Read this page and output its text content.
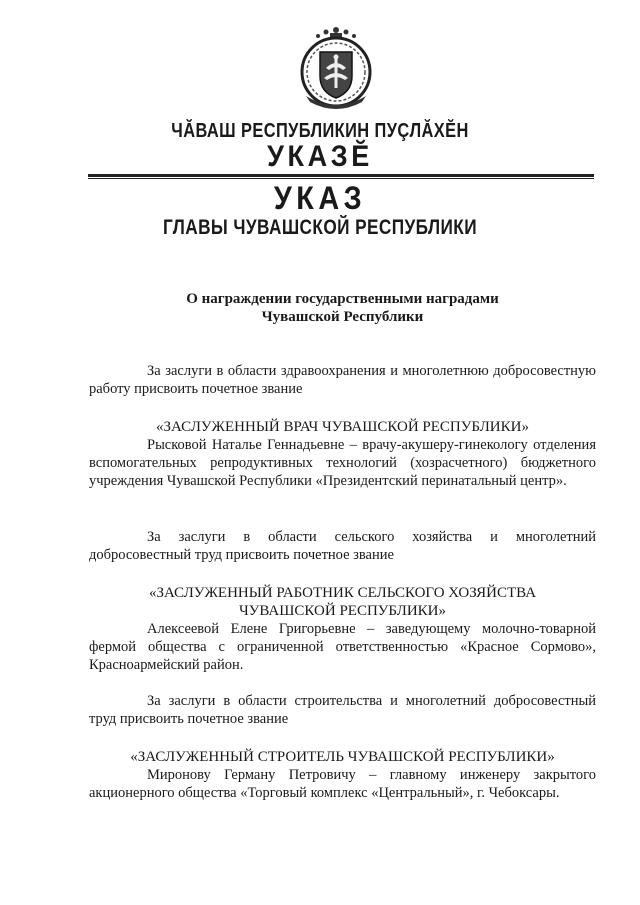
ЧĂВАШ РЕСПУБЛИКИН ПУÇЛĂХĔН
УКАЗĔ
УКАЗ
ГЛАВЫ ЧУВАШСКОЙ РЕСПУБЛИКИ
О награждении государственными наградами
Чувашской Республики
За заслуги в области здравоохранения и многолетнюю добросовестную работу присвоить почетное звание
«ЗАСЛУЖЕННЫЙ ВРАЧ ЧУВАШСКОЙ РЕСПУБЛИКИ»
Рысковой Наталье Геннадьевне – врачу-акушеру-гинекологу отделения вспомогательных репродуктивных технологий (хозрасчетного) бюджетного учреждения Чувашской Республики «Президентский перинатальный центр».
За заслуги в области сельского хозяйства и многолетний добросовестный труд присвоить почетное звание
«ЗАСЛУЖЕННЫЙ РАБОТНИК СЕЛЬСКОГО ХОЗЯЙСТВА
ЧУВАШСКОЙ РЕСПУБЛИКИ»
Алексеевой Елене Григорьевне – заведующему молочно-товарной фермой общества с ограниченной ответственностью «Красное Сормово», Красноармейский район.
За заслуги в области строительства и многолетний добросовестный труд присвоить почетное звание
«ЗАСЛУЖЕННЫЙ СТРОИТЕЛЬ ЧУВАШСКОЙ РЕСПУБЛИКИ»
Миронову Герману Петровичу – главному инженеру закрытого акционерного общества «Торговый комплекс «Центральный», г. Чебоксары.
